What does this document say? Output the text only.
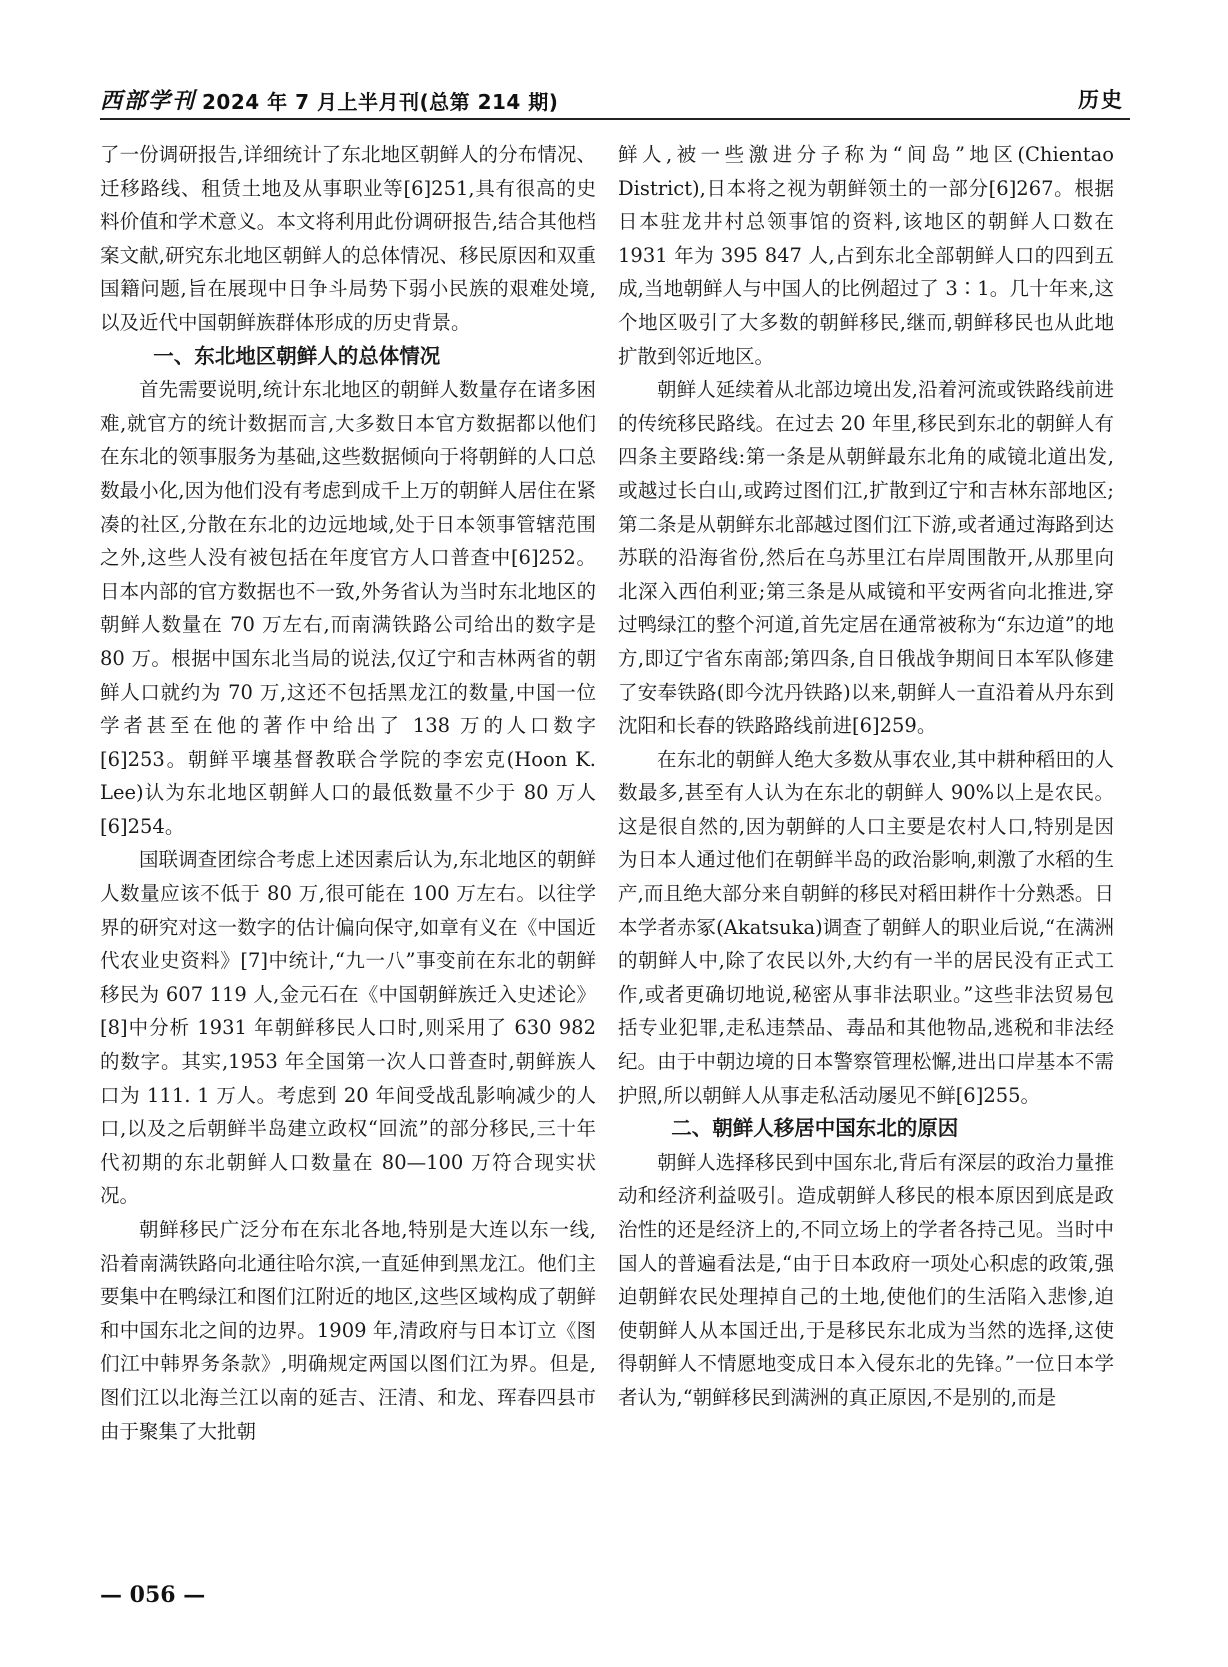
西部学刊 2024 年 7 月上半月刊(总第 214 期)	历史

了一份调研报告,详细统计了东北地区朝鲜人的分布情况、迁移路线、租赁土地及从事职业等[6]251,具有很高的史料价值和学术意义。本文将利用此份调研报告,结合其他档案文献,研究东北地区朝鲜人的总体情况、移民原因和双重国籍问题,旨在展现中日争斗局势下弱小民族的艰难处境,以及近代中国朝鲜族群体形成的历史背景。

一、东北地区朝鲜人的总体情况

首先需要说明,统计东北地区的朝鲜人数量存在诸多困难,就官方的统计数据而言,大多数日本官方数据都以他们在东北的领事服务为基础,这些数据倾向于将朝鲜的人口总数最小化,因为他们没有考虑到成千上万的朝鲜人居住在紧凑的社区,分散在东北的边远地域,处于日本领事管辖范围之外,这些人没有被包括在年度官方人口普查中[6]252。日本内部的官方数据也不一致,外务省认为当时东北地区的朝鲜人数量在 70 万左右,而南满铁路公司给出的数字是 80 万。根据中国东北当局的说法,仅辽宁和吉林两省的朝鲜人口就约为 70 万,这还不包括黑龙江的数量,中国一位学者甚至在他的著作中给出了 138 万的人口数字[6]253。朝鲜平壤基督教联合学院的李宏克(Hoon K. Lee)认为东北地区朝鲜人口的最低数量不少于 80 万人[6]254。

国联调查团综合考虑上述因素后认为,东北地区的朝鲜人数量应该不低于 80 万,很可能在 100 万左右。以往学界的研究对这一数字的估计偏向保守,如章有义在《中国近代农业史资料》[7]中统计,“九一八”事变前在东北的朝鲜移民为 607 119 人,金元石在《中国朝鲜族迁入史述论》[8]中分析 1931 年朝鲜移民人口时,则采用了 630 982 的数字。其实,1953 年全国第一次人口普查时,朝鲜族人口为 111. 1 万人。考虑到 20 年间受战乱影响减少的人口,以及之后朝鲜半岛建立政权“回流”的部分移民,三十年代初期的东北朝鲜人口数量在 80—100 万符合现实状况。

朝鲜移民广泛分布在东北各地,特别是大连以东一线,沿着南满铁路向北通往哈尔滨,一直延伸到黑龙江。他们主要集中在鸭绿江和图们江附近的地区,这些区域构成了朝鲜和中国东北之间的边界。1909 年,清政府与日本订立《图们江中韩界务条款》,明确规定两国以图们江为界。但是,图们江以北海兰江以南的延吉、汪清、和龙、珲春四县市由于聚集了大批朝

鲜人,被一些激进分子称为“间岛”地区(Chientao District),日本将之视为朝鲜领土的一部分[6]267。根据日本驻龙井村总领事馆的资料,该地区的朝鲜人口数在 1931 年为 395 847 人,占到东北全部朝鲜人口的四到五成,当地朝鲜人与中国人的比例超过了 3∶1。几十年来,这个地区吸引了大多数的朝鲜移民,继而,朝鲜移民也从此地扩散到邻近地区。

朝鲜人延续着从北部边境出发,沿着河流或铁路线前进的传统移民路线。在过去 20 年里,移民到东北的朝鲜人有四条主要路线:第一条是从朝鲜最东北角的咸镜北道出发,或越过长白山,或跨过图们江,扩散到辽宁和吉林东部地区;第二条是从朝鲜东北部越过图们江下游,或者通过海路到达苏联的沿海省份,然后在乌苏里江右岸周围散开,从那里向北深入西伯利亚;第三条是从咸镜和平安两省向北推进,穿过鸭绿江的整个河道,首先定居在通常被称为“东边道”的地方,即辽宁省东南部;第四条,自日俄战争期间日本军队修建了安奉铁路(即今沈丹铁路)以来,朝鲜人一直沿着从丹东到沈阳和长春的铁路路线前进[6]259。

在东北的朝鲜人绝大多数从事农业,其中耕种稻田的人数最多,甚至有人认为在东北的朝鲜人 90%以上是农民。这是很自然的,因为朝鲜的人口主要是农村人口,特别是因为日本人通过他们在朝鲜半岛的政治影响,刺激了水稻的生产,而且绝大部分来自朝鲜的移民对稻田耕作十分熟悉。日本学者赤冢(Akatsuka)调查了朝鲜人的职业后说,“在满洲的朝鲜人中,除了农民以外,大约有一半的居民没有正式工作,或者更确切地说,秘密从事非法职业。”这些非法贸易包括专业犯罪,走私违禁品、毒品和其他物品,逃税和非法经纪。由于中朝边境的日本警察管理松懈,进出口岸基本不需护照,所以朝鲜人从事走私活动屡见不鲜[6]255。

二、朝鲜人移居中国东北的原因

朝鲜人选择移民到中国东北,背后有深层的政治力量推动和经济利益吸引。造成朝鲜人移民的根本原因到底是政治性的还是经济上的,不同立场上的学者各持己见。当时中国人的普遍看法是,“由于日本政府一项处心积虑的政策,强迫朝鲜农民处理掉自己的土地,使他们的生活陷入悲惨,迫使朝鲜人从本国迁出,于是移民东北成为当然的选择,这使得朝鲜人不情愿地变成日本入侵东北的先锋。”一位日本学者认为,“朝鲜移民到满洲的真正原因,不是别的,而是

— 056 —
